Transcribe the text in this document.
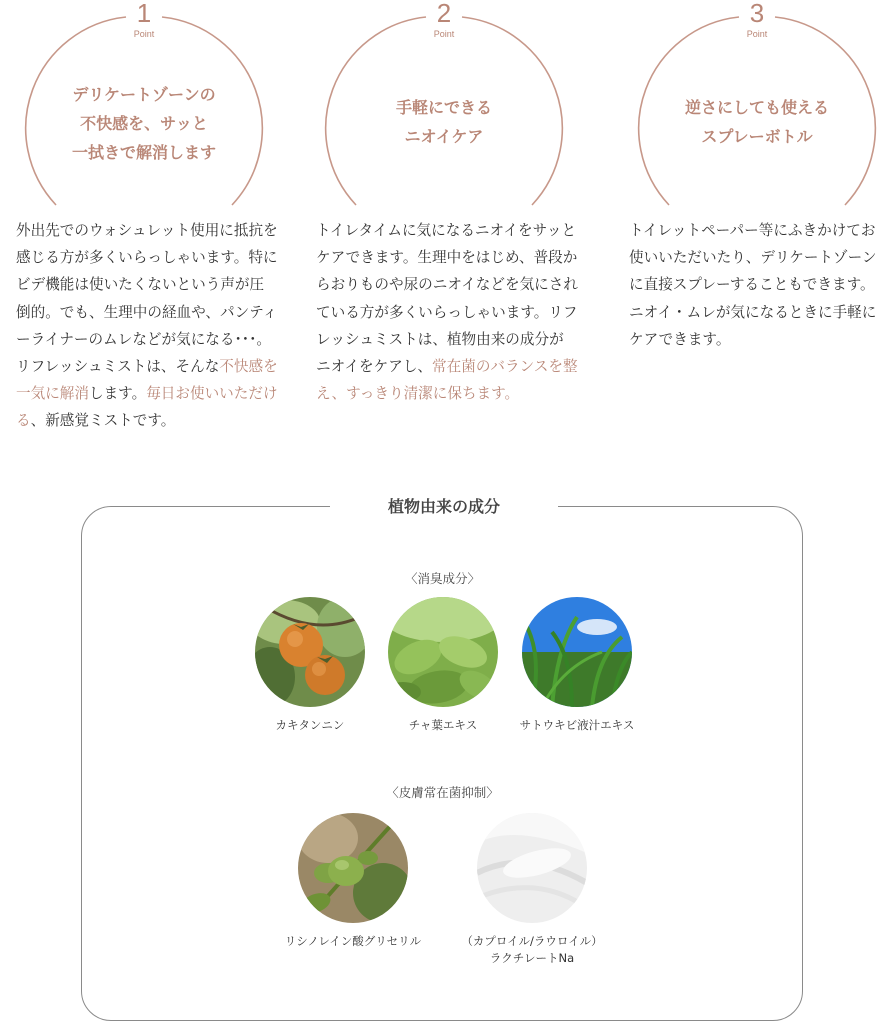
1
Point
デリケートゾーンの
不快感を、サッと
一拭きで解消します
外出先でのウォシュレット使用に抵抗を感じる方が多くいらっしゃいます。特にビデ機能は使いたくないという声が圧倒的。でも、生理中の経血や、パンティーライナーのムレなどが気になる･･･。リフレッシュミストは、そんな不快感を一気に解消します。毎日お使いいただける、新感覚ミストです。
2
Point
手軽にできる
ニオイケア
トイレタイムに気になるニオイをサッとケアできます。生理中をはじめ、普段からおりものや尿のニオイなどを気にされている方が多くいらっしゃいます。リフレッシュミストは、植物由来の成分がニオイをケアし、常在菌のバランスを整え、すっきり清潔に保ちます。
3
Point
逆さにしても使える
スプレーボトル
トイレットペーパー等にふきかけてお使いいただいたり、デリケートゾーンに直接スプレーすることもできます。ニオイ・ムレが気になるときに手軽にケアできます。
植物由来の成分
〈消臭成分〉
カキタンニン	チャ葉エキス	サトウキビ液汁エキス
〈皮膚常在菌抑制〉
リシノレイン酸グリセリル	（カプロイル/ラウロイル）
ラクチレートNa
